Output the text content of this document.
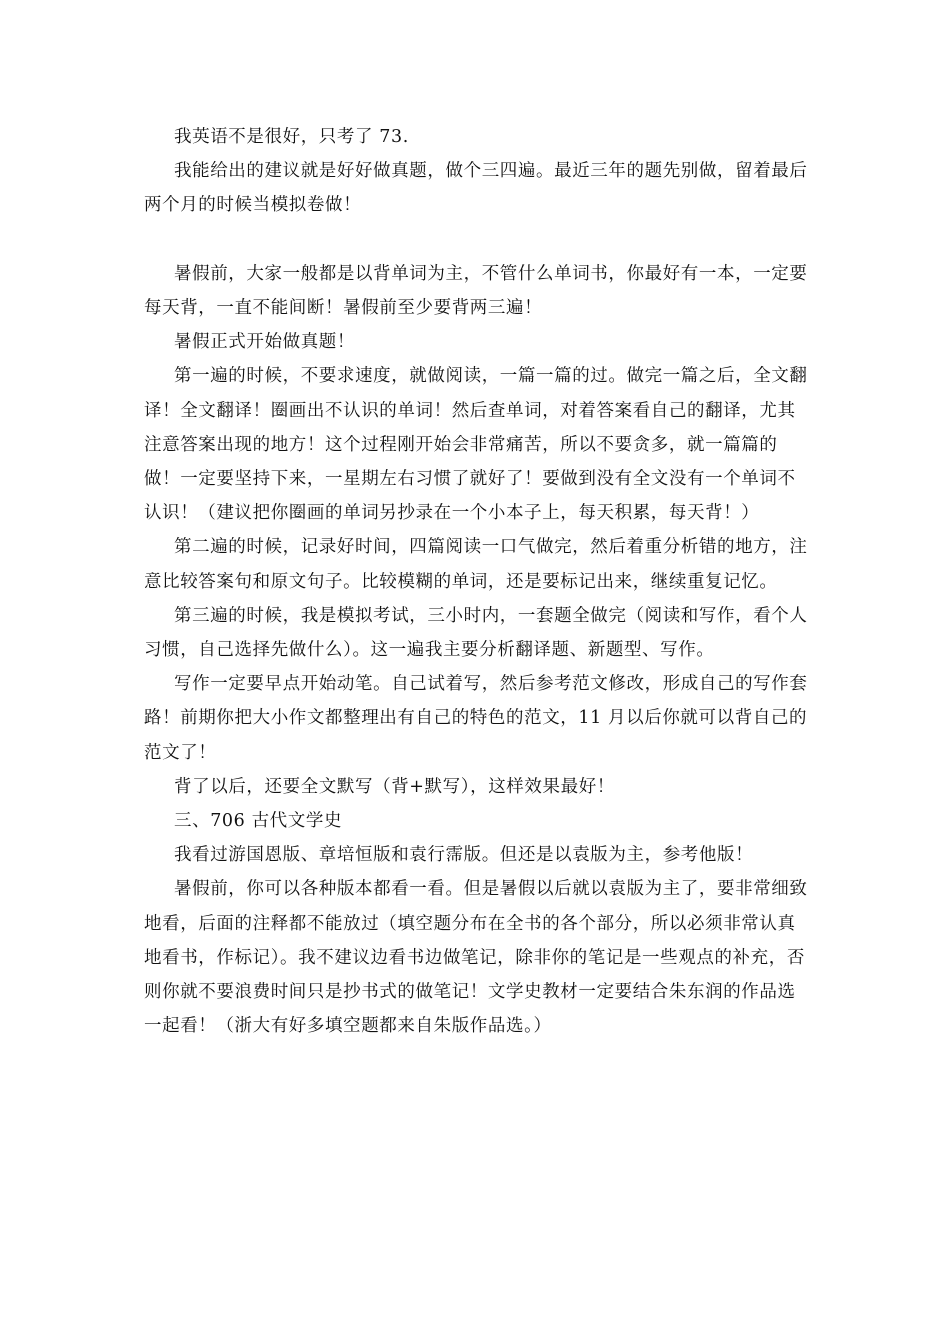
我英语不是很好，只考了 73.

我能给出的建议就是好好做真题，做个三四遍。最近三年的题先别做，留着最后两个月的时候当模拟卷做！

暑假前，大家一般都是以背单词为主，不管什么单词书，你最好有一本，一定要每天背，一直不能间断！暑假前至少要背两三遍！

暑假正式开始做真题！

第一遍的时候，不要求速度，就做阅读，一篇一篇的过。做完一篇之后，全文翻译！全文翻译！圈画出不认识的单词！然后查单词，对着答案看自己的翻译，尤其注意答案出现的地方！这个过程刚开始会非常痛苦，所以不要贪多，就一篇篇的做！一定要坚持下来，一星期左右习惯了就好了！要做到没有全文没有一个单词不认识！（建议把你圈画的单词另抄录在一个小本子上，每天积累，每天背！）

第二遍的时候，记录好时间，四篇阅读一口气做完，然后着重分析错的地方，注意比较答案句和原文句子。比较模糊的单词，还是要标记出来，继续重复记忆。

第三遍的时候，我是模拟考试，三小时内，一套题全做完（阅读和写作，看个人习惯，自己选择先做什么）。这一遍我主要分析翻译题、新题型、写作。

写作一定要早点开始动笔。自己试着写，然后参考范文修改，形成自己的写作套路！前期你把大小作文都整理出有自己的特色的范文，11 月以后你就可以背自己的范文了！

背了以后，还要全文默写（背+默写），这样效果最好！

三、706 古代文学史

我看过游国恩版、章培恒版和袁行霈版。但还是以袁版为主，参考他版！

暑假前，你可以各种版本都看一看。但是暑假以后就以袁版为主了，要非常细致地看，后面的注释都不能放过（填空题分布在全书的各个部分，所以必须非常认真地看书，作标记）。我不建议边看书边做笔记，除非你的笔记是一些观点的补充，否则你就不要浪费时间只是抄书式的做笔记！文学史教材一定要结合朱东润的作品选一起看！（浙大有好多填空题都来自朱版作品选。）
